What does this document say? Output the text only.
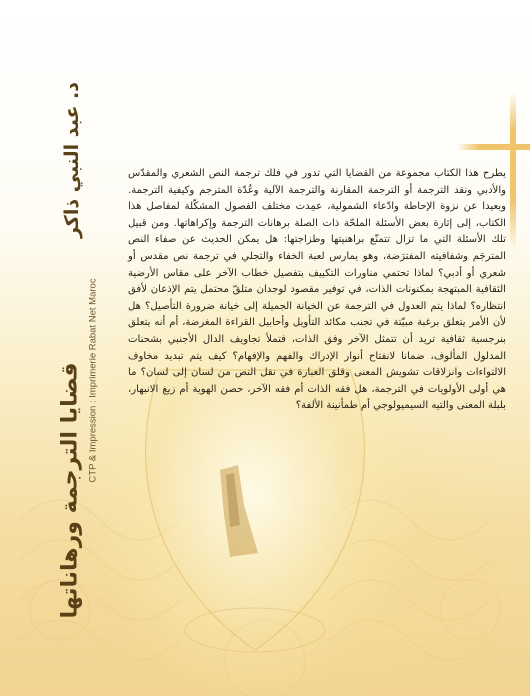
د. عبد النبي ذاكر
قضايا الترجمة ورهاناتها CTP & Impression : Imprimerie Rabat Net Maroc

يطرح هذا الكتاب مجموعة من القضايا التي تدور في فلك ترجمة النص الشعري والمقدّس والأدبي ونقد الترجمة أو الترجمة المقارنة والترجمة الآلية وعُدّة المترجم وكيفية الترجمة. وبعيدا عن نزوة الإحاطة وادّعاء الشمولية، عمِدت مختلف الفصول المشكّلة لمفاصل هذا الكتاب، إلى إثارة بعض الأسئلة الملحّة ذات الصلة برهانات الترجمة وإكراهاتها. ومن قبيل تلك الأسئلة التي ما تزال تتمنّع براهنيتها وطزاجتها: هل يمكن الحديث عن صفاء النص المترجَم وشفافيته المفترَضة، وهو يمارس لعبة الخفاء والتجلي في ترجمة نص مقدس أو شعري أو أدبي؟ لماذا تحتمي مناورات التكييف بتفصيل خطاب الآخر على مقاس الأرضية الثقافية المبتهجة بمكنونات الذات، في توفير مقصود لوجدان متلقّ محتمل يتم الإذعان لأفق انتظاره؟ لماذا يتم العدول في الترجمة عن الخيانة الجميلة إلى خيانة ضرورة التأصيل؟ هل لأن الأمر يتعلق برغبة مبيّتة في تجنب مكائد التأويل وأحابيل القراءة المغرضة، أم أنه يتعلق بنرجسية ثقافية تريد أن تتمثل الآخر وفق الذات، فتملأ تجاويف الدال الأجنبي بشحنات المدلول المألوف، ضمانا لانفتاح أنوار الإدراك والفهم والإفهام؟ كيف يتم تبديد مخاوف الالتواءات وانزلاقات تشويش المعنى وقلق العبارة في نقل النص من لسان إلى لسان؟ ما هي أولى الأولويات في الترجمة، هل فقه الذات أم فقه الآخر، حصن الهوية أم زيغ الانبهار، بلبلة المعنى والتيه السيميولوجي أم طمأنينة الألفة؟
